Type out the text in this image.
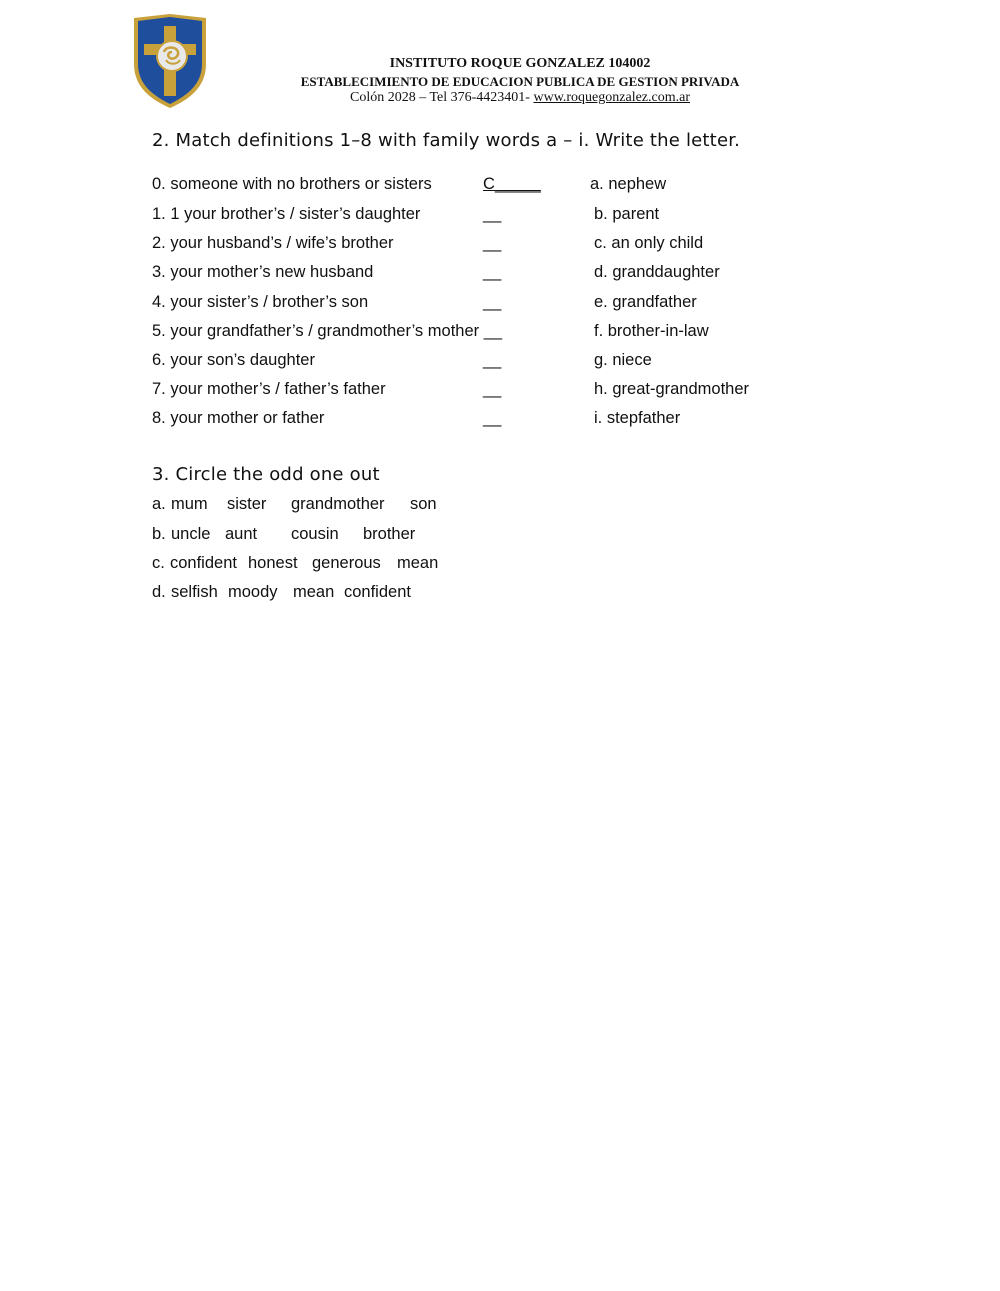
INSTITUTO ROQUE GONZALEZ 104002
ESTABLECIMIENTO DE EDUCACION PUBLICA DE GESTION PRIVADA
Colón 2028 – Tel 376-4423401- www.roquegonzalez.com.ar
2. Match definitions 1–8 with family words a – i. Write the letter.
0. someone with no brothers or sisters	C_____	a. nephew
1. 1 your brother’s / sister’s daughter	__	b. parent
2. your husband’s / wife’s brother	__	c. an only child
3. your mother’s new husband	__	d. granddaughter
4. your sister’s / brother’s son	__	e. grandfather
5. your grandfather’s / grandmother’s mother __	f. brother-in-law
6. your son’s daughter	__	g. niece
7. your mother’s / father’s father	__	h. great-grandmother
8. your mother or father	__	i. stepfather
3. Circle the odd one out
a. mum sister grandmother son
b. uncle aunt cousin brother
c. confident honest generous mean
d. selfish moody mean confident
